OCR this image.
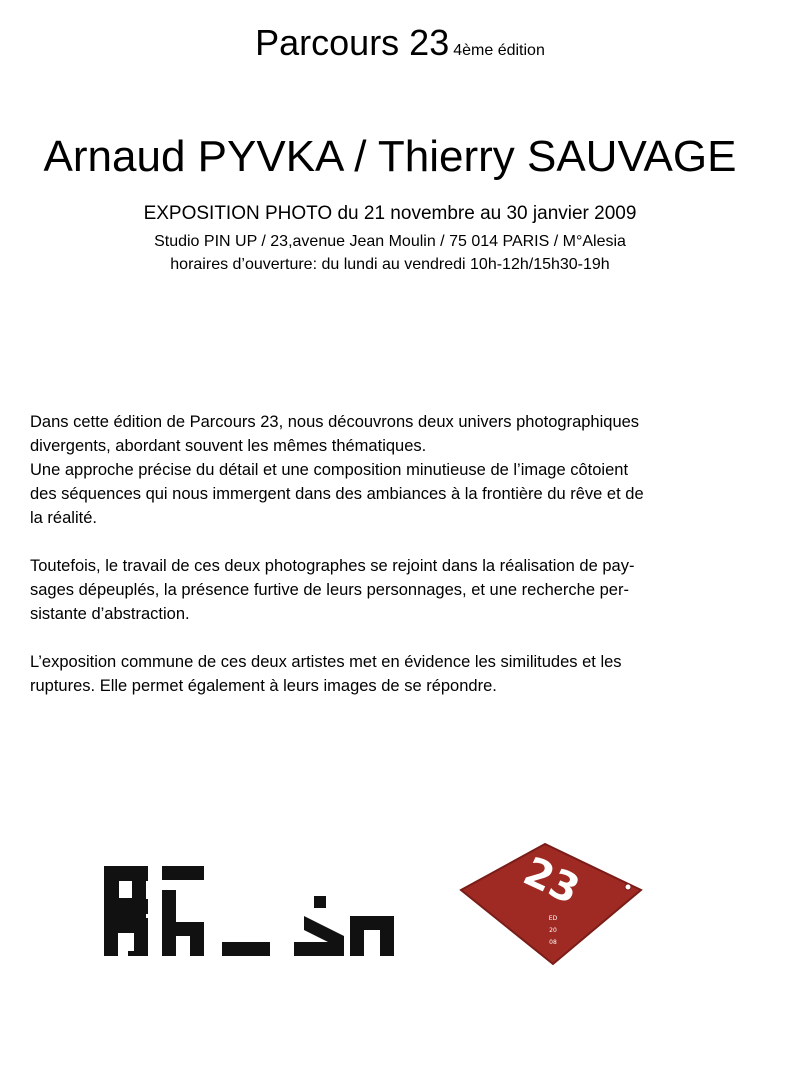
Parcours 23 4ème édition
Arnaud PYVKA / Thierry SAUVAGE
EXPOSITION PHOTO du 21 novembre au 30 janvier 2009
Studio PIN UP / 23,avenue Jean Moulin / 75 014 PARIS / M°Alesia
horaires d’ouverture: du lundi au vendredi 10h-12h/15h30-19h

Dans cette édition de Parcours 23, nous découvrons deux univers photographiques
divergents, abordant souvent les mêmes thématiques.
Une approche précise du détail et une composition minutieuse de l’image côtoient
des séquences qui nous immergent dans des ambiances à la frontière du rêve et de
la réalité.

Toutefois, le travail de ces deux photographes se rejoint dans la réalisation de pay-
sages dépeuplés, la présence furtive de leurs personnages, et une recherche per-
sistante d’abstraction.

L’exposition commune de ces deux artistes met en évidence les similitudes et les
ruptures. Elle permet également à leurs images de se répondre.

23
ED
20
08
